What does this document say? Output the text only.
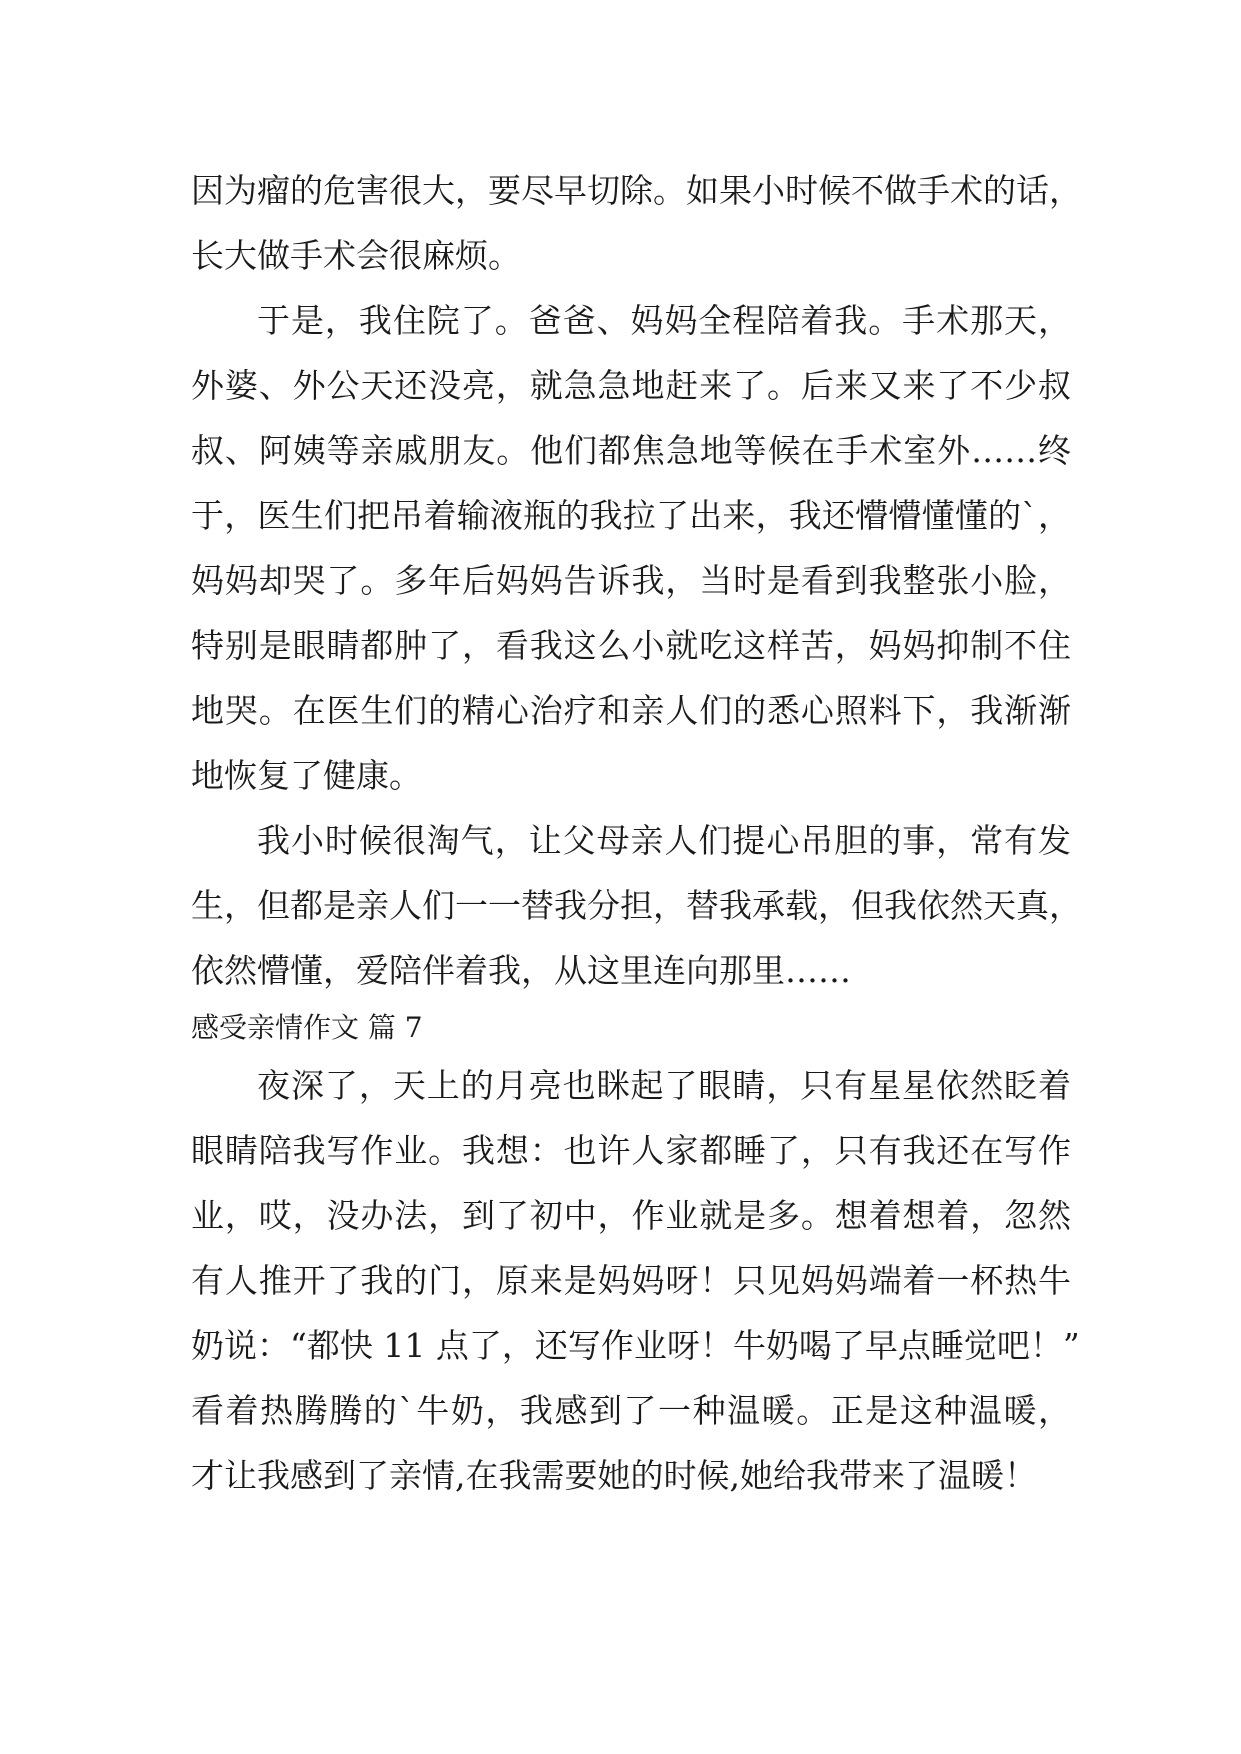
因为瘤的危害很大，要尽早切除。如果小时候不做手术的话，
长大做手术会很麻烦。
于是，我住院了。爸爸、妈妈全程陪着我。手术那天，
外婆、外公天还没亮，就急急地赶来了。后来又来了不少叔
叔、阿姨等亲戚朋友。他们都焦急地等候在手术室外……终
于，医生们把吊着输液瓶的我拉了出来，我还懵懵懂懂的`，
妈妈却哭了。多年后妈妈告诉我，当时是看到我整张小脸，
特别是眼睛都肿了，看我这么小就吃这样苦，妈妈抑制不住
地哭。在医生们的精心治疗和亲人们的悉心照料下，我渐渐
地恢复了健康。
我小时候很淘气，让父母亲人们提心吊胆的事，常有发
生，但都是亲人们一一替我分担，替我承载，但我依然天真，
依然懵懂，爱陪伴着我，从这里连向那里……
感受亲情作文 篇 7
夜深了，天上的月亮也眯起了眼睛，只有星星依然眨着
眼睛陪我写作业。我想：也许人家都睡了，只有我还在写作
业，哎，没办法，到了初中，作业就是多。想着想着，忽然
有人推开了我的门，原来是妈妈呀！只见妈妈端着一杯热牛
奶说：“都快 11 点了，还写作业呀！牛奶喝了早点睡觉吧！”
看着热腾腾的`牛奶，我感到了一种温暖。正是这种温暖，
才让我感到了亲情,在我需要她的时候,她给我带来了温暖！
